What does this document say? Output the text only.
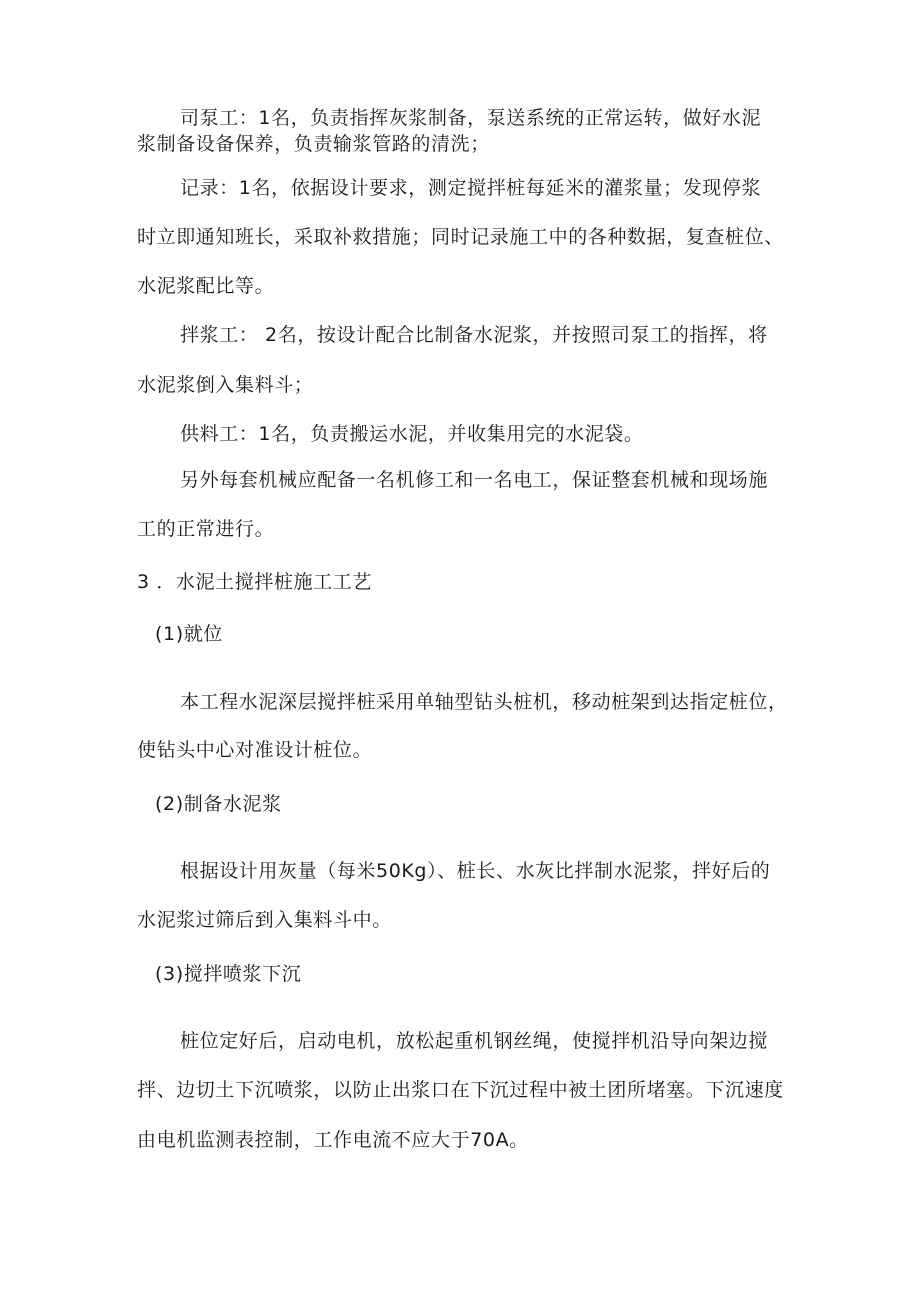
司泵工：1名，负责指挥灰浆制备，泵送系统的正常运转，做好水泥
浆制备设备保养，负责输浆管路的清洗；
记录：1名，依据设计要求，测定搅拌桩每延米的灌浆量；发现停浆
时立即通知班长，采取补救措施；同时记录施工中的各种数据，复查桩位、
水泥浆配比等。
拌浆工： 2名，按设计配合比制备水泥浆，并按照司泵工的指挥，将
水泥浆倒入集料斗；
供料工：1名，负责搬运水泥，并收集用完的水泥袋。
另外每套机械应配备一名机修工和一名电工，保证整套机械和现场施
工的正常进行。
3 ．水泥土搅拌桩施工工艺
(1)就位
本工程水泥深层搅拌桩采用单轴型钻头桩机，移动桩架到达指定桩位，
使钻头中心对准设计桩位。
(2)制备水泥浆
根据设计用灰量（每米50Kg）、桩长、水灰比拌制水泥浆，拌好后的
水泥浆过筛后到入集料斗中。
(3)搅拌喷浆下沉
桩位定好后，启动电机，放松起重机钢丝绳，使搅拌机沿导向架边搅
拌、边切土下沉喷浆，以防止出浆口在下沉过程中被土团所堵塞。下沉速度
由电机监测表控制，工作电流不应大于70A。
